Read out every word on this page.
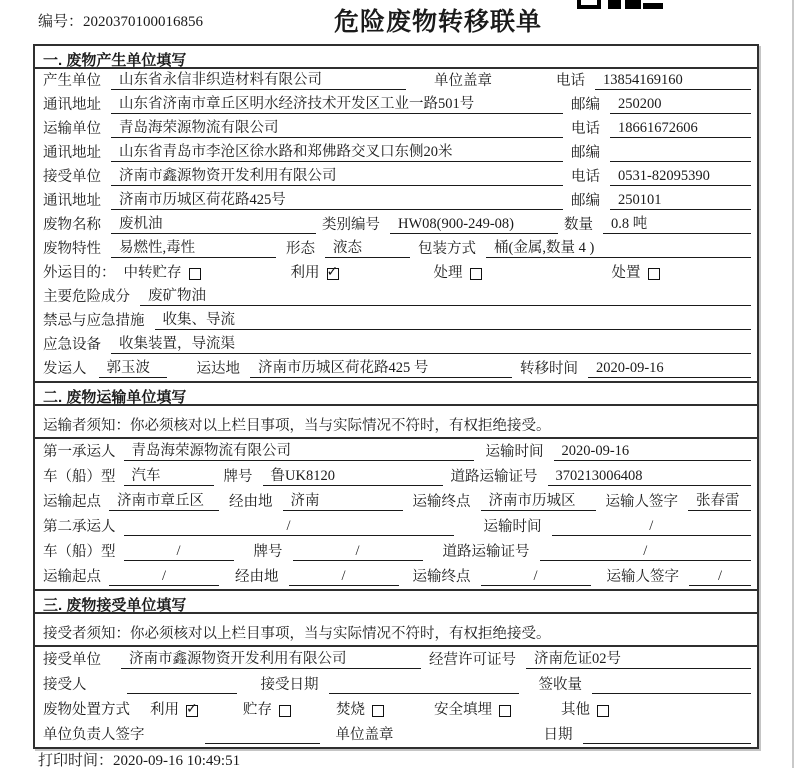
编号：2020370100016856	危险废物转移联单
一. 废物产生单位填写
产生单位	山东省永信非织造材料有限公司	单位盖章	电话	13854169160
通讯地址	山东省济南市章丘区明水经济技术开发区工业一路501号	邮编	250200
运输单位	青岛海荣源物流有限公司	电话	18661672606
通讯地址	山东省青岛市李沧区徐水路和郑佛路交叉口东侧20米	邮编
接受单位	济南市鑫源物资开发利用有限公司	电话	0531-82095390
通讯地址	济南市历城区荷花路425号	邮编	250101
废物名称	废机油	类别编号	HW08(900-249-08)	数量	0.8 吨
废物特性	易燃性,毒性	形态	液态	包装方式	桶(金属,数量 4 )
外运目的： 中转贮存	利用 ✓	处理	处置
主要危险成分	废矿物油
禁忌与应急措施	收集、导流
应急设备	收集装置，导流渠
发运人	郭玉波	运达地	济南市历城区荷花路425 号	转移时间	2020-09-16
二. 废物运输单位填写
运输者须知：你必须核对以上栏目事项，当与实际情况不符时，有权拒绝接受。
第一承运人	青岛海荣源物流有限公司	运输时间	2020-09-16
车（船）型	汽车	牌号	鲁UK8120	道路运输证号	370213006408
运输起点	济南市章丘区	经由地	济南	运输终点	济南市历城区	运输人签字	张春雷
第二承运人	/	运输时间	/
车（船）型	/	牌号	/	道路运输证号	/
运输起点	/	经由地	/	运输终点	/	运输人签字	/
三. 废物接受单位填写
接受者须知：你必须核对以上栏目事项，当与实际情况不符时，有权拒绝接受。
接受单位	济南市鑫源物资开发利用有限公司	经营许可证号	济南危证02号
接受人	接受日期	签收量
废物处置方式 利用 ✓	贮存	焚烧	安全填埋	其他
单位负责人签字	单位盖章	日期
打印时间：2020-09-16 10:49:51
